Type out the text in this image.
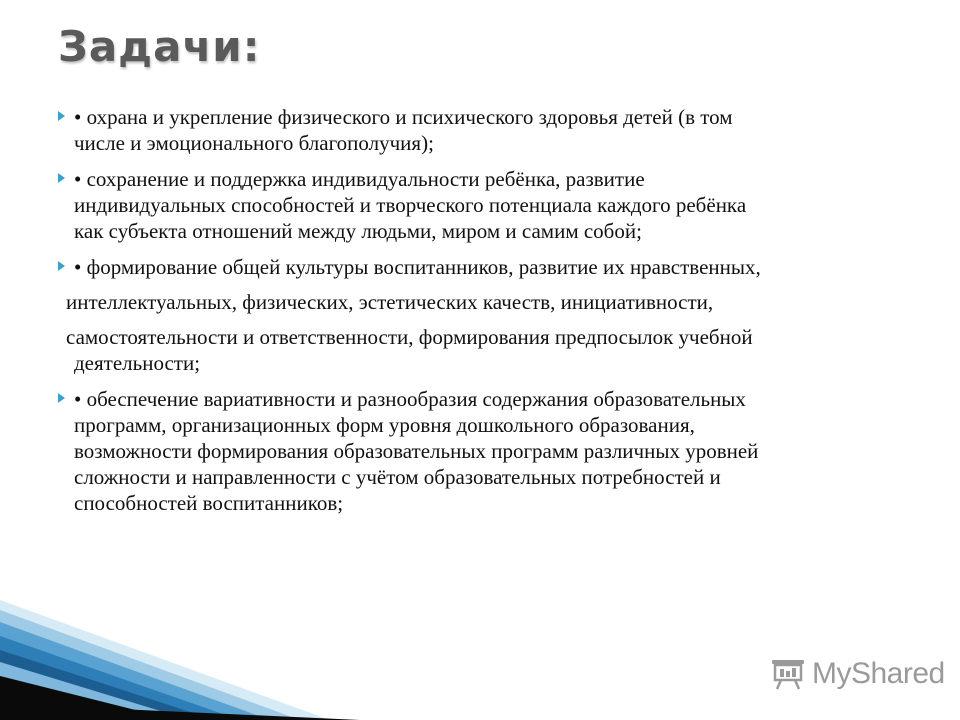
Задачи:
• охрана и укрепление физического и психического здоровья детей (в том
числе и эмоционального благополучия);
• сохранение и поддержка индивидуальности ребёнка, развитие
индивидуальных способностей и творческого потенциала каждого ребёнка
как субъекта отношений между людьми, миром и самим собой;
• формирование общей культуры воспитанников, развитие их нравственных,
интеллектуальных, физических, эстетических качеств, инициативности,
самостоятельности и ответственности, формирования предпосылок учебной
деятельности;
• обеспечение вариативности и разнообразия содержания образовательных
программ, организационных форм уровня дошкольного образования,
возможности формирования образовательных программ различных уровней
сложности и направленности с учётом образовательных потребностей и
способностей воспитанников;
MyShared
